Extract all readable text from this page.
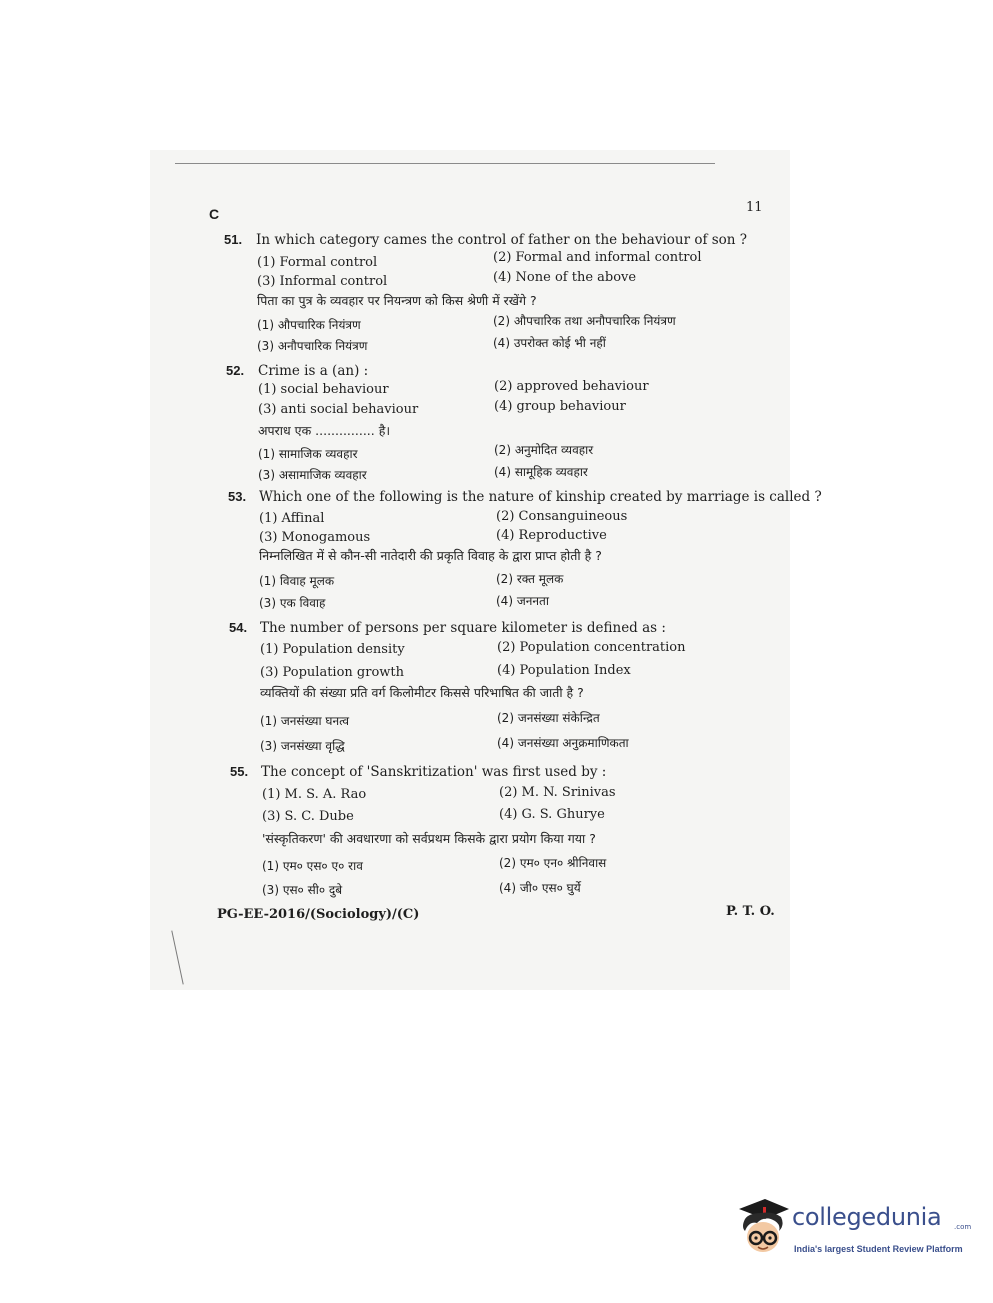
C	11
51. In which category cames the control of father on the behaviour of son ?
(1) Formal control	(2) Formal and informal control
(3) Informal control	(4) None of the above
पिता का पुत्र के व्यवहार पर नियन्त्रण को किस श्रेणी में रखेंगे ?
(1) औपचारिक नियंत्रण	(2) औपचारिक तथा अनौपचारिक नियंत्रण
(3) अनौपचारिक नियंत्रण	(4) उपरोक्त कोई भी नहीं
52. Crime is a (an) :
(1) social behaviour	(2) approved behaviour
(3) anti social behaviour	(4) group behaviour
अपराध एक ............... है।
(1) सामाजिक व्यवहार	(2) अनुमोदित व्यवहार
(3) असामाजिक व्यवहार	(4) सामूहिक व्यवहार
53. Which one of the following is the nature of kinship created by marriage is called ?
(1) Affinal	(2) Consanguineous
(3) Monogamous	(4) Reproductive
निम्नलिखित में से कौन-सी नातेदारी की प्रकृति विवाह के द्वारा प्राप्त होती है ?
(1) विवाह मूलक	(2) रक्त मूलक
(3) एक विवाह	(4) जननता
54. The number of persons per square kilometer is defined as :
(1) Population density	(2) Population concentration
(3) Population growth	(4) Population Index
व्यक्तियों की संख्या प्रति वर्ग किलोमीटर किससे परिभाषित की जाती है ?
(1) जनसंख्या घनत्व	(2) जनसंख्या संकेन्द्रित
(3) जनसंख्या वृद्धि	(4) जनसंख्या अनुक्रमाणिकता
55. The concept of 'Sanskritization' was first used by :
(1) M. S. A. Rao	(2) M. N. Srinivas
(3) S. C. Dube	(4) G. S. Ghurye
'संस्कृतिकरण' की अवधारणा को सर्वप्रथम किसके द्वारा प्रयोग किया गया ?
(1) एम० एस० ए० राव	(2) एम० एन० श्रीनिवास
(3) एस० सी० दुबे	(4) जी० एस० घुर्ये
PG-EE-2016/(Sociology)/(C)	P. T. O.
collegedunia .com
India's largest Student Review Platform
